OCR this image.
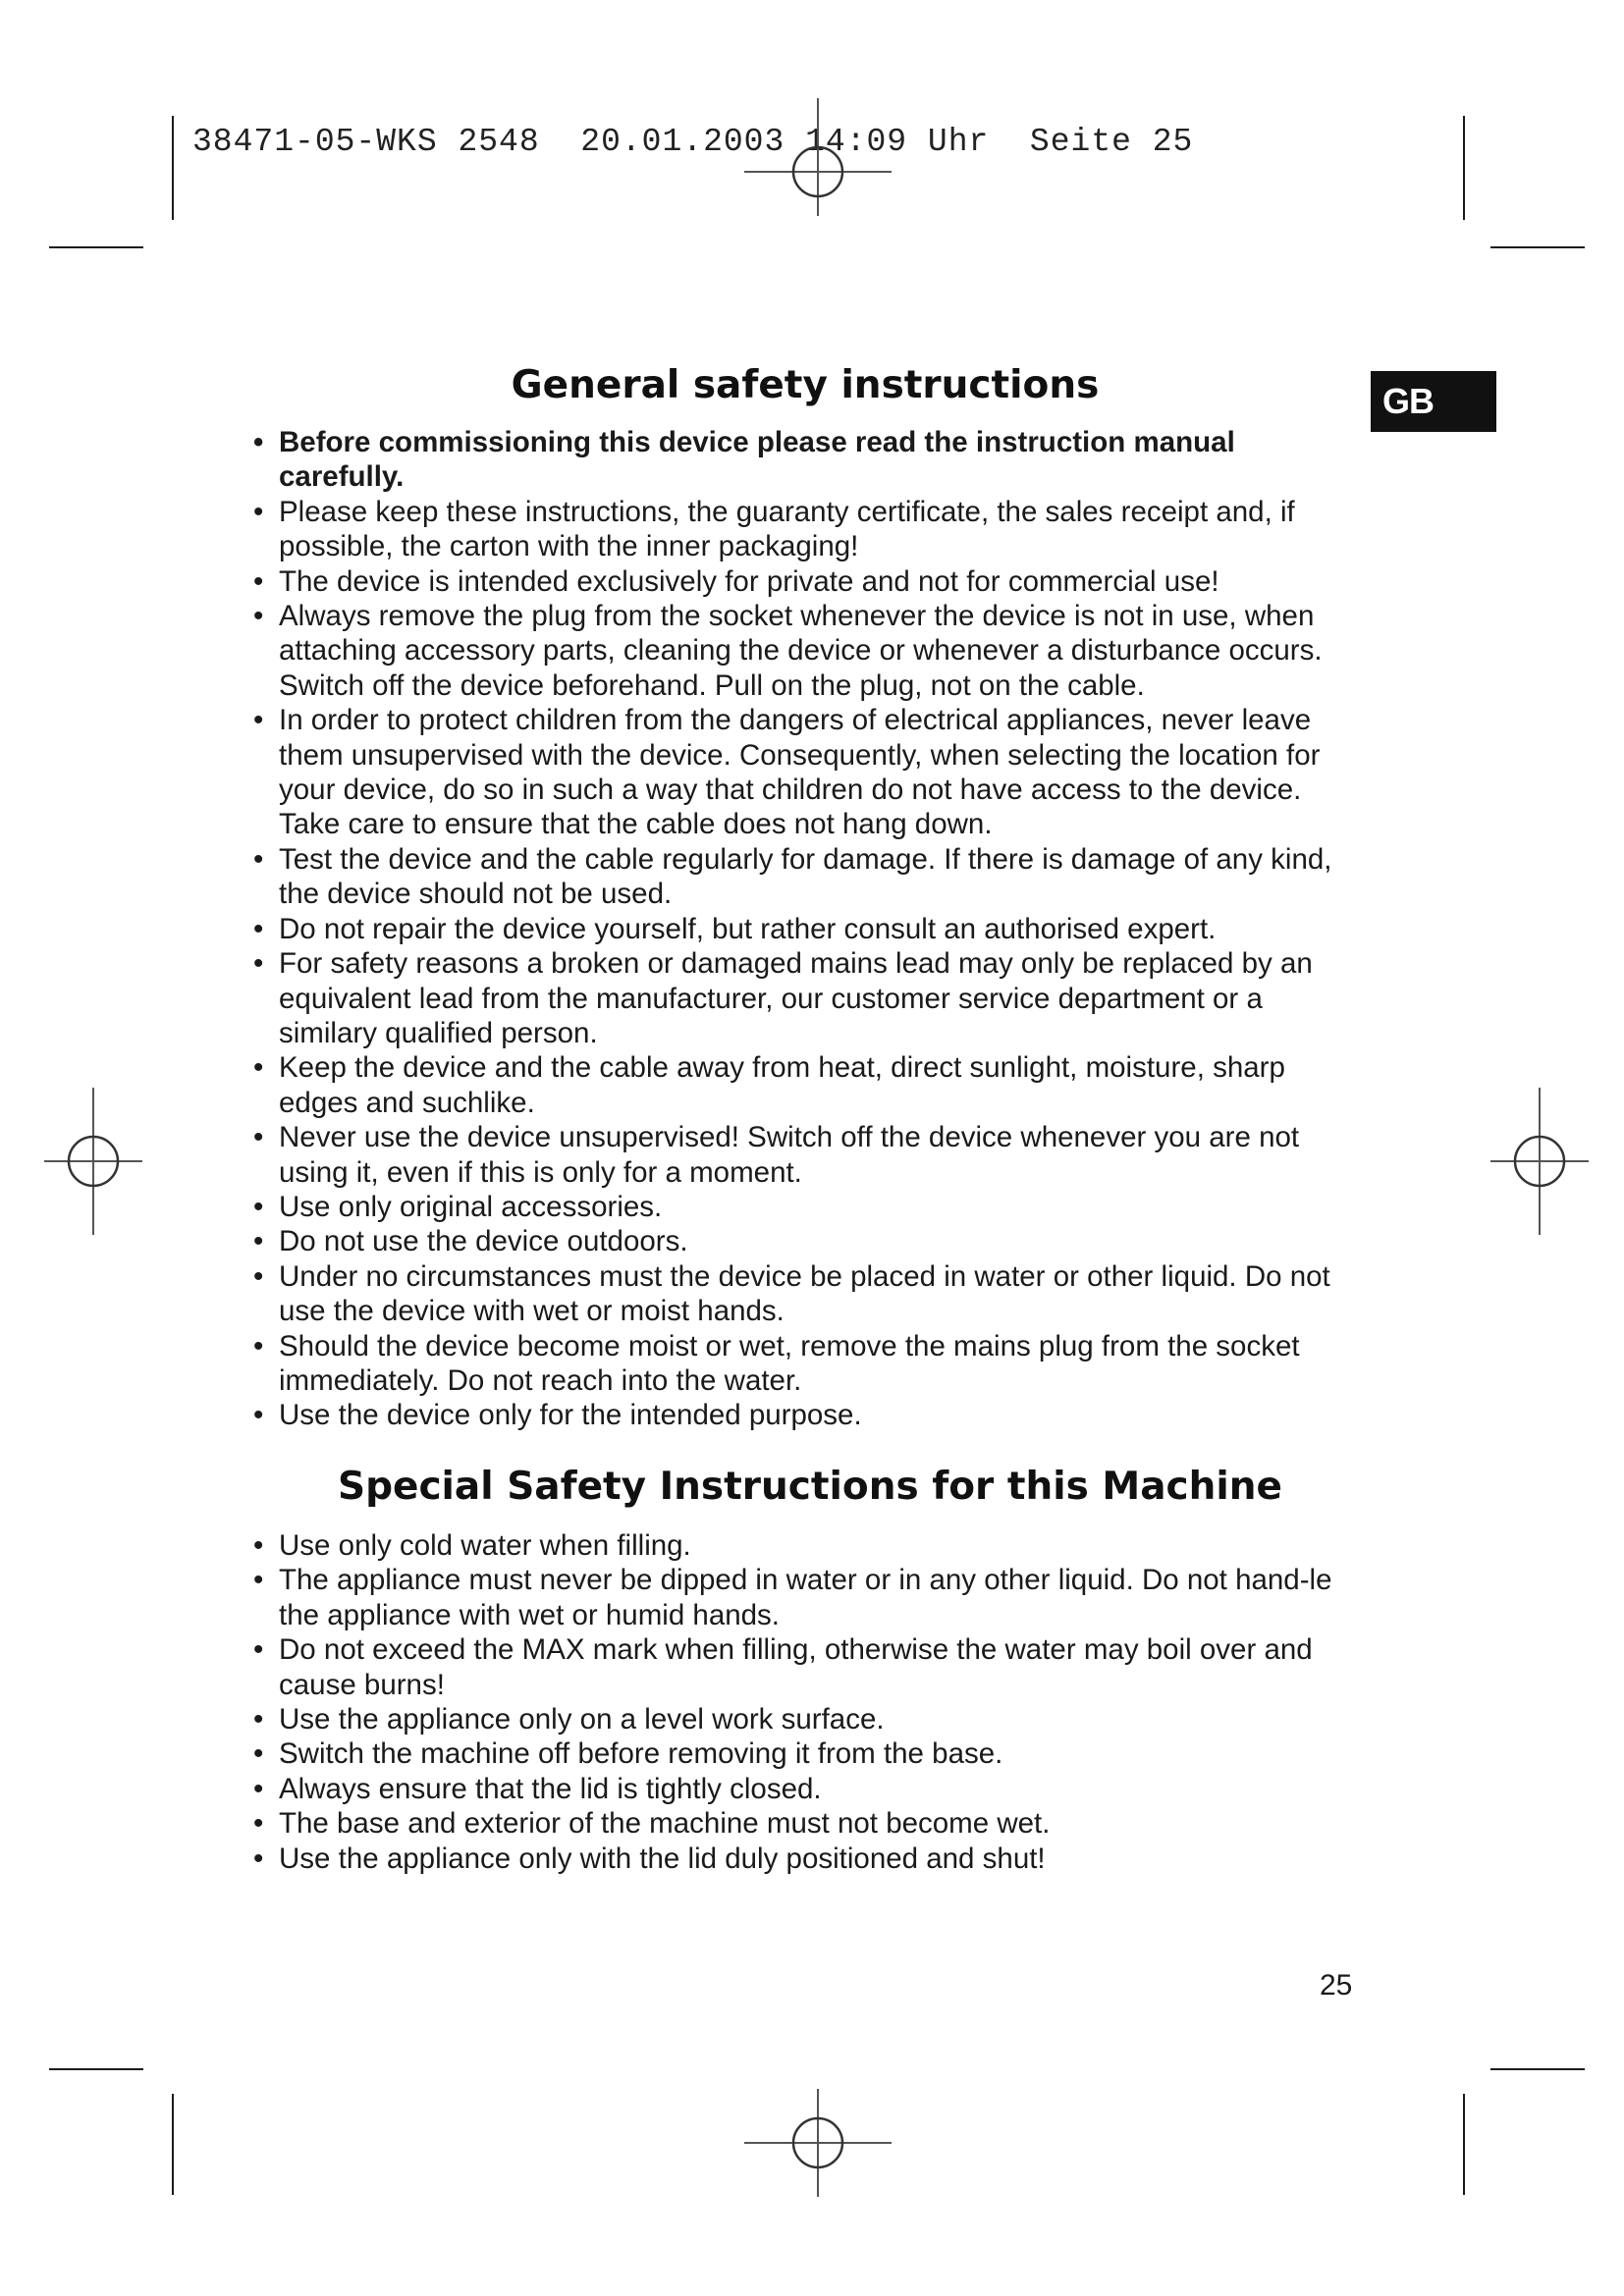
38471-05-WKS 2548  20.01.2003 14:09 Uhr  Seite 25
GB
General safety instructions
• Before commissioning this device please read the instruction manual carefully.
• Please keep these instructions, the guaranty certificate, the sales receipt and, if possible, the carton with the inner packaging!
• The device is intended exclusively for private and not for commercial use!
• Always remove the plug from the socket whenever the device is not in use, when attaching accessory parts, cleaning the device or whenever a disturbance occurs. Switch off the device beforehand. Pull on the plug, not on the cable.
• In order to protect children from the dangers of electrical appliances, never leave them unsupervised with the device. Consequently, when selecting the location for your device, do so in such a way that children do not have access to the device. Take care to ensure that the cable does not hang down.
• Test the device and the cable regularly for damage. If there is damage of any kind, the device should not be used.
• Do not repair the device yourself, but rather consult an authorised expert.
• For safety reasons a broken or damaged mains lead may only be replaced by an equivalent lead from the manufacturer, our customer service department or a similary qualified person.
• Keep the device and the cable away from heat, direct sunlight, moisture, sharp edges and suchlike.
• Never use the device unsupervised! Switch off the device whenever you are not using it, even if this is only for a moment.
• Use only original accessories.
• Do not use the device outdoors.
• Under no circumstances must the device be placed in water or other liquid. Do not use the device with wet or moist hands.
• Should the device become moist or wet, remove the mains plug from the socket immediately. Do not reach into the water.
• Use the device only for the intended purpose.
Special Safety Instructions for this Machine
• Use only cold water when filling.
• The appliance must never be dipped in water or in any other liquid. Do not hand-le the appliance with wet or humid hands.
• Do not exceed the MAX mark when filling, otherwise the water may boil over and cause burns!
• Use the appliance only on a level work surface.
• Switch the machine off before removing it from the base.
• Always ensure that the lid is tightly closed.
• The base and exterior of the machine must not become wet.
• Use the appliance only with the lid duly positioned and shut!
25
